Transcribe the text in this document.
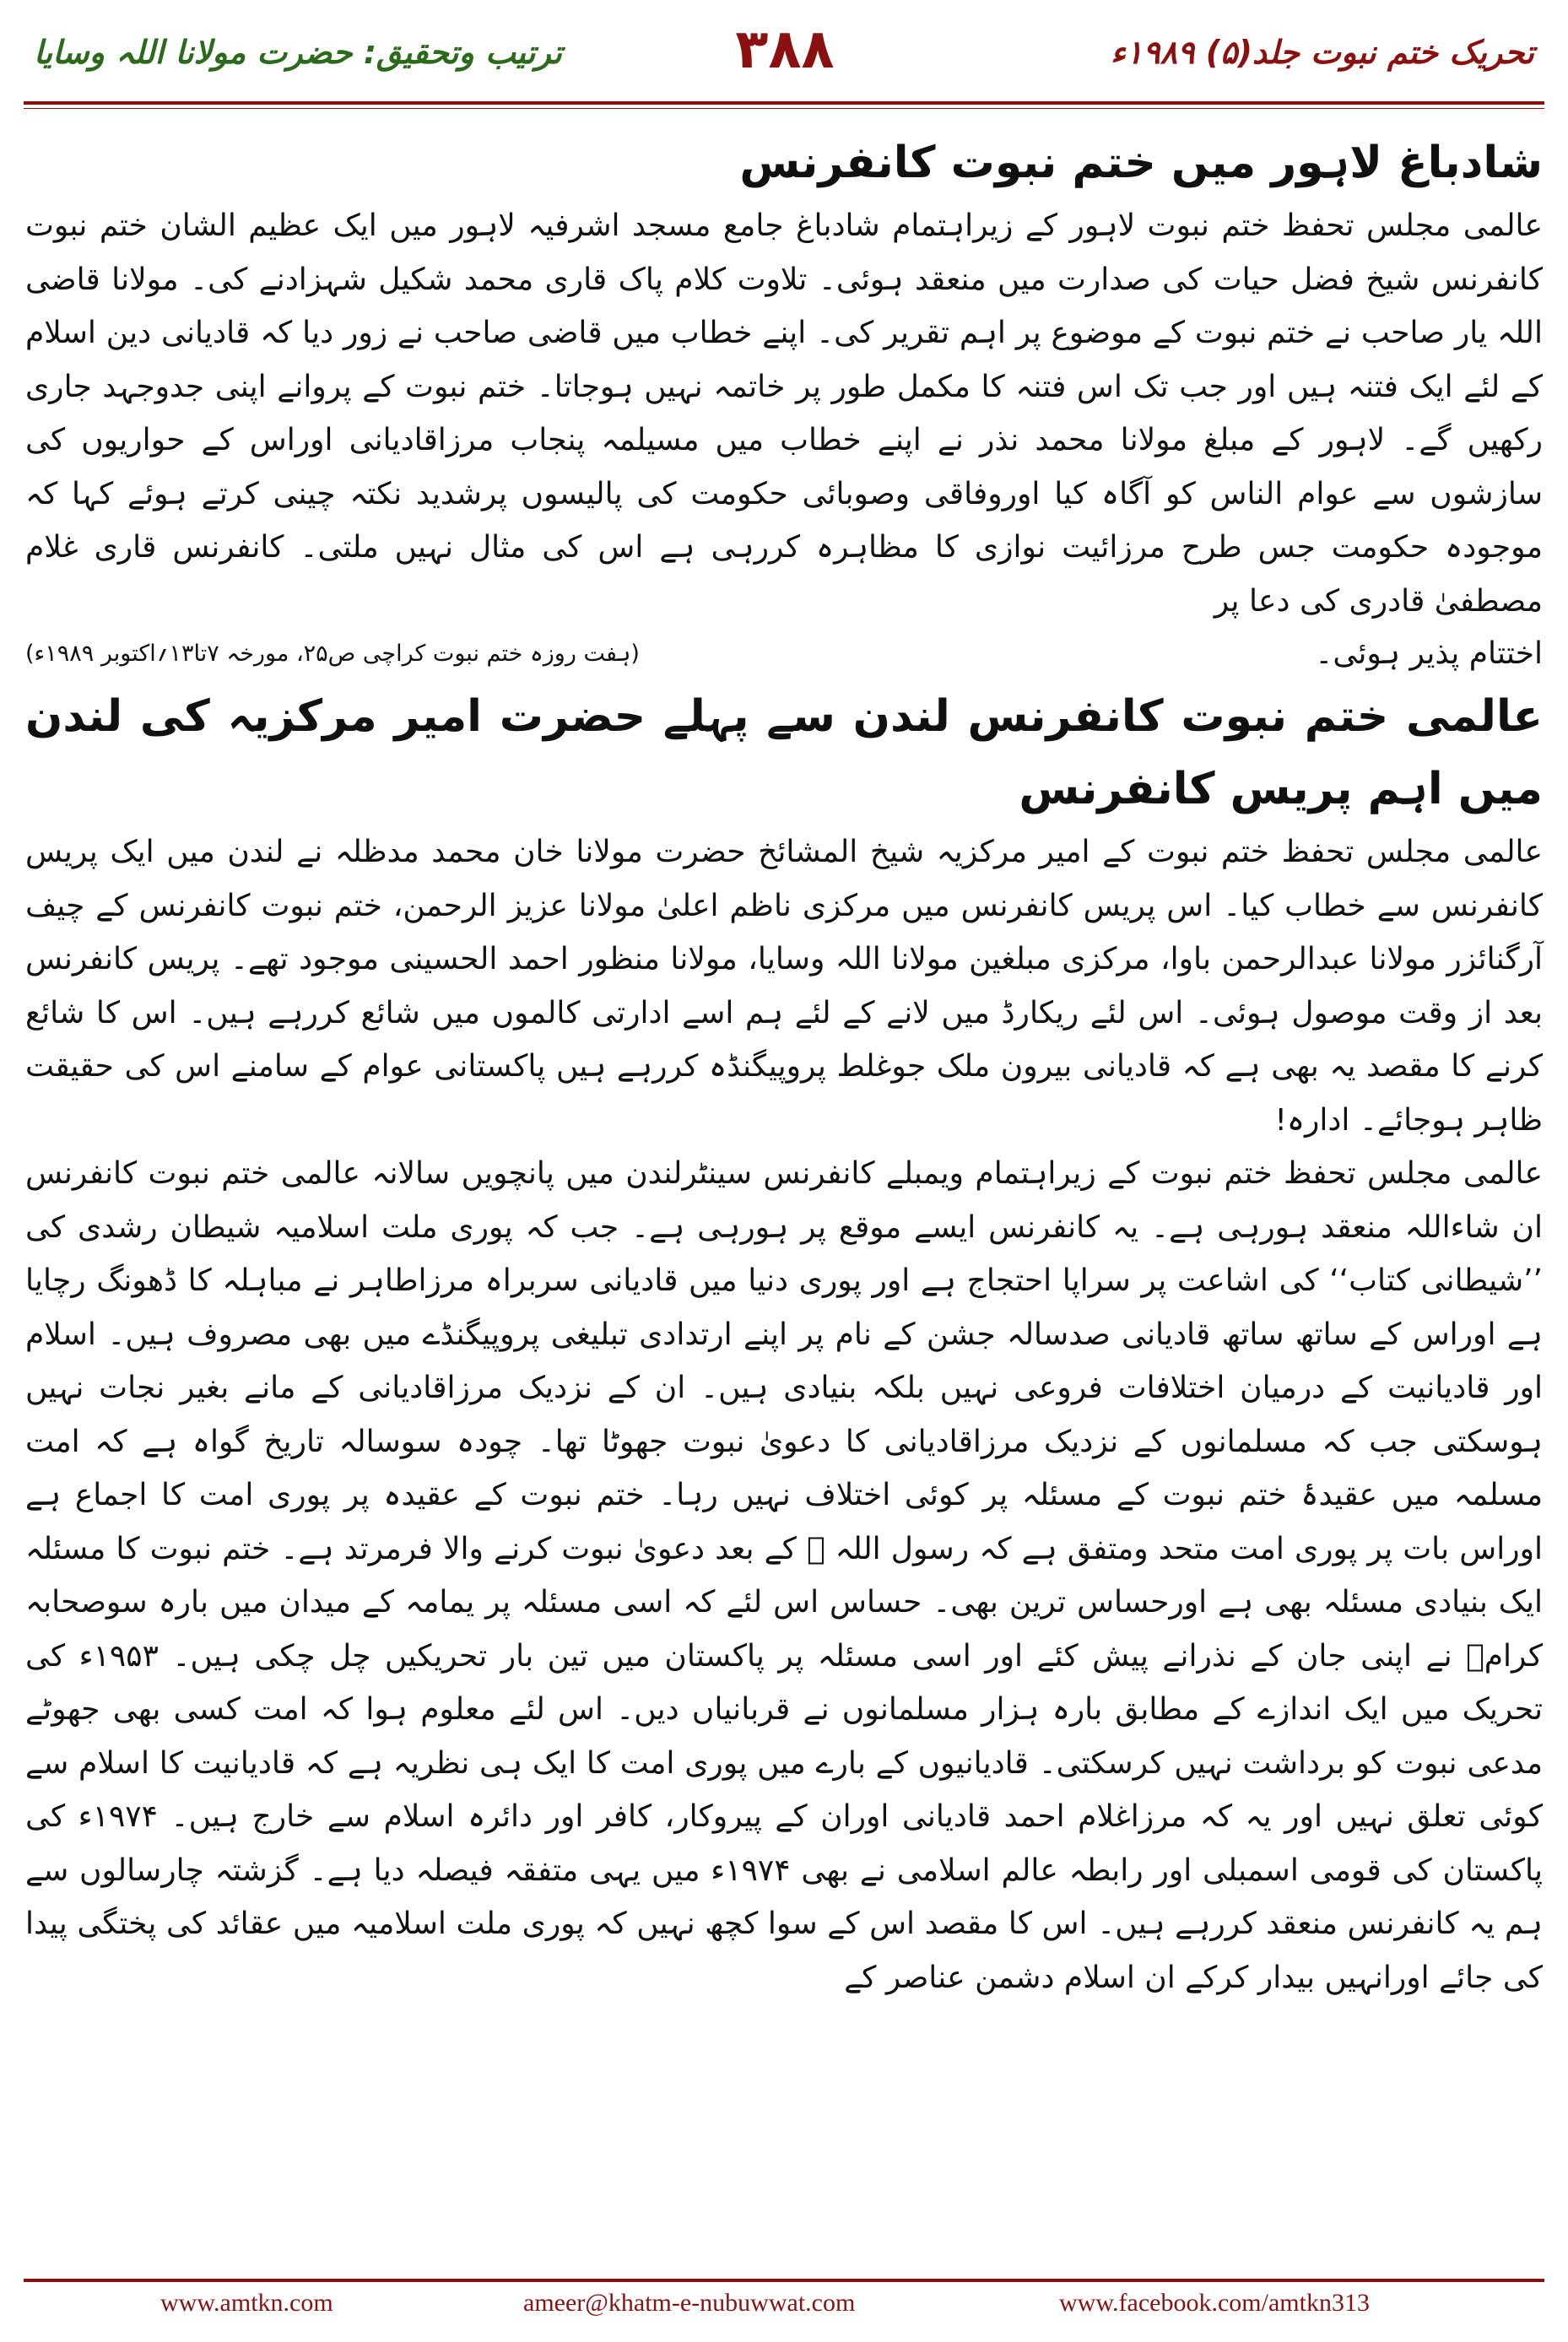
ترتیب وتحقیق: حضرت مولانا اللہ وسایا	۳۸۸	تحریک ختم نبوت جلد(۵) ۱۹۸۹ء
شادباغ لاہور میں ختم نبوت کانفرنس

عالمی مجلس تحفظ ختم نبوت لاہور کے زیراہتمام شادباغ جامع مسجد اشرفیہ لاہور میں ایک عظیم الشان ختم نبوت کانفرنس شیخ فضل حیات کی صدارت میں منعقد ہوئی۔ تلاوت کلام پاک قاری محمد شکیل شہزادنے کی۔ مولانا قاضی اللہ یار صاحب نے ختم نبوت کے موضوع پر اہم تقریر کی۔ اپنے خطاب میں قاضی صاحب نے زور دیا کہ قادیانی دین اسلام کے لئے ایک فتنہ ہیں اور جب تک اس فتنہ کا مکمل طور پر خاتمہ نہیں ہوجاتا۔ ختم نبوت کے پروانے اپنی جدوجہد جاری رکھیں گے۔ لاہور کے مبلغ مولانا محمد نذر نے اپنے خطاب میں مسیلمہ پنجاب مرزاقادیانی اوراس کے حواریوں کی سازشوں سے عوام الناس کو آگاہ کیا اوروفاقی وصوبائی حکومت کی پالیسوں پرشدید نکتہ چینی کرتے ہوئے کہا کہ موجودہ حکومت جس طرح مرزائیت نوازی کا مظاہرہ کررہی ہے اس کی مثال نہیں ملتی۔ کانفرنس قاری غلام مصطفیٰ قادری کی دعا پر

اختتام پذیر ہوئی۔
(ہفت روزہ ختم نبوت کراچی ص۲۵، مورخہ ۷تا۱۳؍اکتوبر ۱۹۸۹ء)
عالمی ختم نبوت کانفرنس لندن سے پہلے حضرت امیر مرکزیہ کی لندن میں اہم پریس کانفرنس

عالمی مجلس تحفظ ختم نبوت کے امیر مرکزیہ شیخ المشائخ حضرت مولانا خان محمد مدظلہ نے لندن میں ایک پریس کانفرنس سے خطاب کیا۔ اس پریس کانفرنس میں مرکزی ناظم اعلیٰ مولانا عزیز الرحمن، ختم نبوت کانفرنس کے چیف آرگنائزر مولانا عبدالرحمن باوا، مرکزی مبلغین مولانا اللہ وسایا، مولانا منظور احمد الحسینی موجود تھے۔ پریس کانفرنس بعد از وقت موصول ہوئی۔ اس لئے ریکارڈ میں لانے کے لئے ہم اسے ادارتی کالموں میں شائع کررہے ہیں۔ اس کا شائع کرنے کا مقصد یہ بھی ہے کہ قادیانی بیرون ملک جوغلط پروپیگنڈہ کررہے ہیں پاکستانی عوام کے سامنے اس کی حقیقت ظاہر ہوجائے۔ ادارہ!

عالمی مجلس تحفظ ختم نبوت کے زیراہتمام ویمبلے کانفرنس سینٹرلندن میں پانچویں سالانہ عالمی ختم نبوت کانفرنس ان شاءاللہ منعقد ہورہی ہے۔ یہ کانفرنس ایسے موقع پر ہورہی ہے۔ جب کہ پوری ملت اسلامیہ شیطان رشدی کی ’’شیطانی کتاب‘‘ کی اشاعت پر سراپا احتجاج ہے اور پوری دنیا میں قادیانی سربراہ مرزاطاہر نے مباہلہ کا ڈھونگ رچایا ہے اوراس کے ساتھ ساتھ قادیانی صدسالہ جشن کے نام پر اپنے ارتدادی تبلیغی پروپیگنڈے میں بھی مصروف ہیں۔ اسلام اور قادیانیت کے درمیان اختلافات فروعی نہیں بلکہ بنیادی ہیں۔ ان کے نزدیک مرزاقادیانی کے مانے بغیر نجات نہیں ہوسکتی جب کہ مسلمانوں کے نزدیک مرزاقادیانی کا دعویٰ نبوت جھوٹا تھا۔ چودہ سوسالہ تاریخ گواہ ہے کہ امت مسلمہ میں عقیدۂ ختم نبوت کے مسئلہ پر کوئی اختلاف نہیں رہا۔ ختم نبوت کے عقیدہ پر پوری امت کا اجماع ہے اوراس بات پر پوری امت متحد ومتفق ہے کہ رسول اللہ ﷺ کے بعد دعویٰ نبوت کرنے والا فرمرتد ہے۔ ختم نبوت کا مسئلہ ایک بنیادی مسئلہ بھی ہے اورحساس ترین بھی۔ حساس اس لئے کہ اسی مسئلہ پر یمامہ کے میدان میں بارہ سوصحابہ کرامؓ نے اپنی جان کے نذرانے پیش کئے اور اسی مسئلہ پر پاکستان میں تین بار تحریکیں چل چکی ہیں۔ ۱۹۵۳ء کی تحریک میں ایک اندازے کے مطابق بارہ ہزار مسلمانوں نے قربانیاں دیں۔ اس لئے معلوم ہوا کہ امت کسی بھی جھوٹے مدعی نبوت کو برداشت نہیں کرسکتی۔ قادیانیوں کے بارے میں پوری امت کا ایک ہی نظریہ ہے کہ قادیانیت کا اسلام سے کوئی تعلق نہیں اور یہ کہ مرزاغلام احمد قادیانی اوران کے پیروکار، کافر اور دائرہ اسلام سے خارج ہیں۔ ۱۹۷۴ء کی پاکستان کی قومی اسمبلی اور رابطہ عالم اسلامی نے بھی ۱۹۷۴ء میں یہی متفقہ فیصلہ دیا ہے۔ گزشتہ چارسالوں سے ہم یہ کانفرنس منعقد کررہے ہیں۔ اس کا مقصد اس کے سوا کچھ نہیں کہ پوری ملت اسلامیہ میں عقائد کی پختگی پیدا کی جائے اورانہیں بیدار کرکے ان اسلام دشمن عناصر کے

www.amtkn.com	ameer@khatm-e-nubuwwat.com	www.facebook.com/amtkn313
